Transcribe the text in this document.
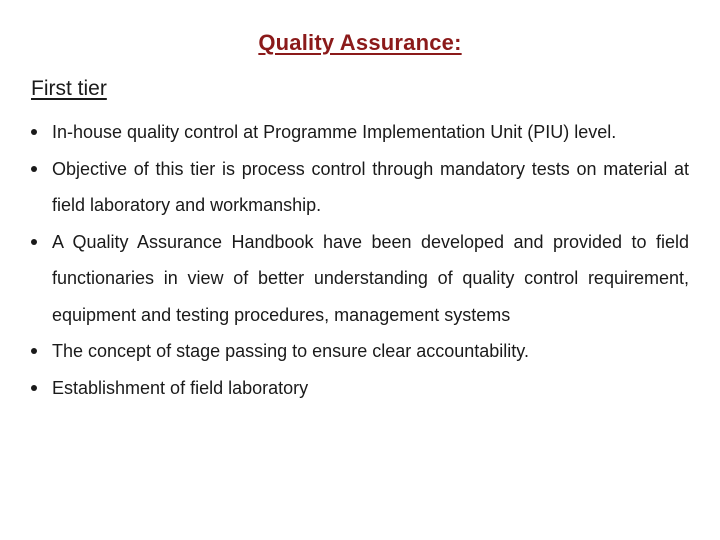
Quality Assurance:
First tier
In-house quality control at Programme Implementation Unit (PIU) level.
Objective of this tier is process control through mandatory tests on material at field laboratory and workmanship.
A Quality Assurance Handbook have been developed and provided to field functionaries in view of better understanding of quality control requirement, equipment and testing procedures, management systems
The concept of stage passing to ensure clear accountability.
Establishment of field laboratory
